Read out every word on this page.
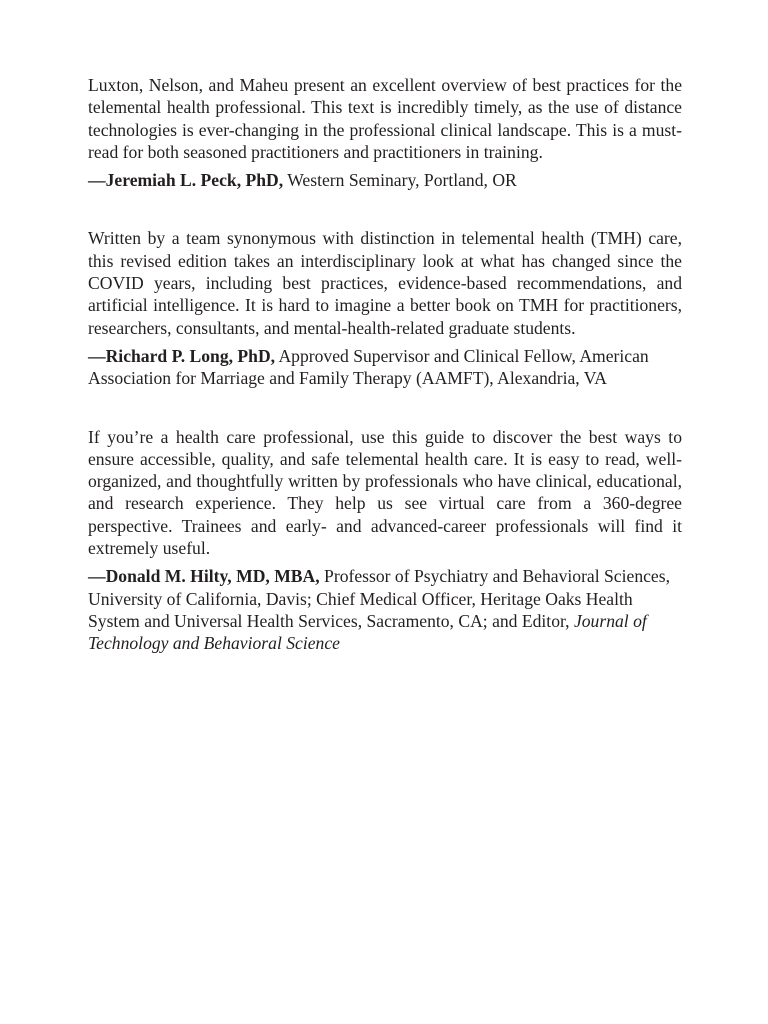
Luxton, Nelson, and Maheu present an excellent overview of best practices for the telemental health professional. This text is incredibly timely, as the use of distance technologies is ever-changing in the professional clinical landscape. This is a must-read for both seasoned practitioners and practitioners in training.

—Jeremiah L. Peck, PhD, Western Seminary, Portland, OR

Written by a team synonymous with distinction in telemental health (TMH) care, this revised edition takes an interdisciplinary look at what has changed since the COVID years, including best practices, evidence-based recommendations, and artificial intelligence. It is hard to imagine a better book on TMH for practitioners, researchers, consultants, and mental-health-related graduate students.

—Richard P. Long, PhD, Approved Supervisor and Clinical Fellow, American Association for Marriage and Family Therapy (AAMFT), Alexandria, VA

If you’re a health care professional, use this guide to discover the best ways to ensure accessible, quality, and safe telemental health care. It is easy to read, well-organized, and thoughtfully written by professionals who have clinical, educational, and research experience. They help us see virtual care from a 360-degree perspective. Trainees and early- and advanced-career professionals will find it extremely useful.

—Donald M. Hilty, MD, MBA, Professor of Psychiatry and Behavioral Sciences, University of California, Davis; Chief Medical Officer, Heritage Oaks Health System and Universal Health Services, Sacramento, CA; and Editor, Journal of Technology and Behavioral Science
